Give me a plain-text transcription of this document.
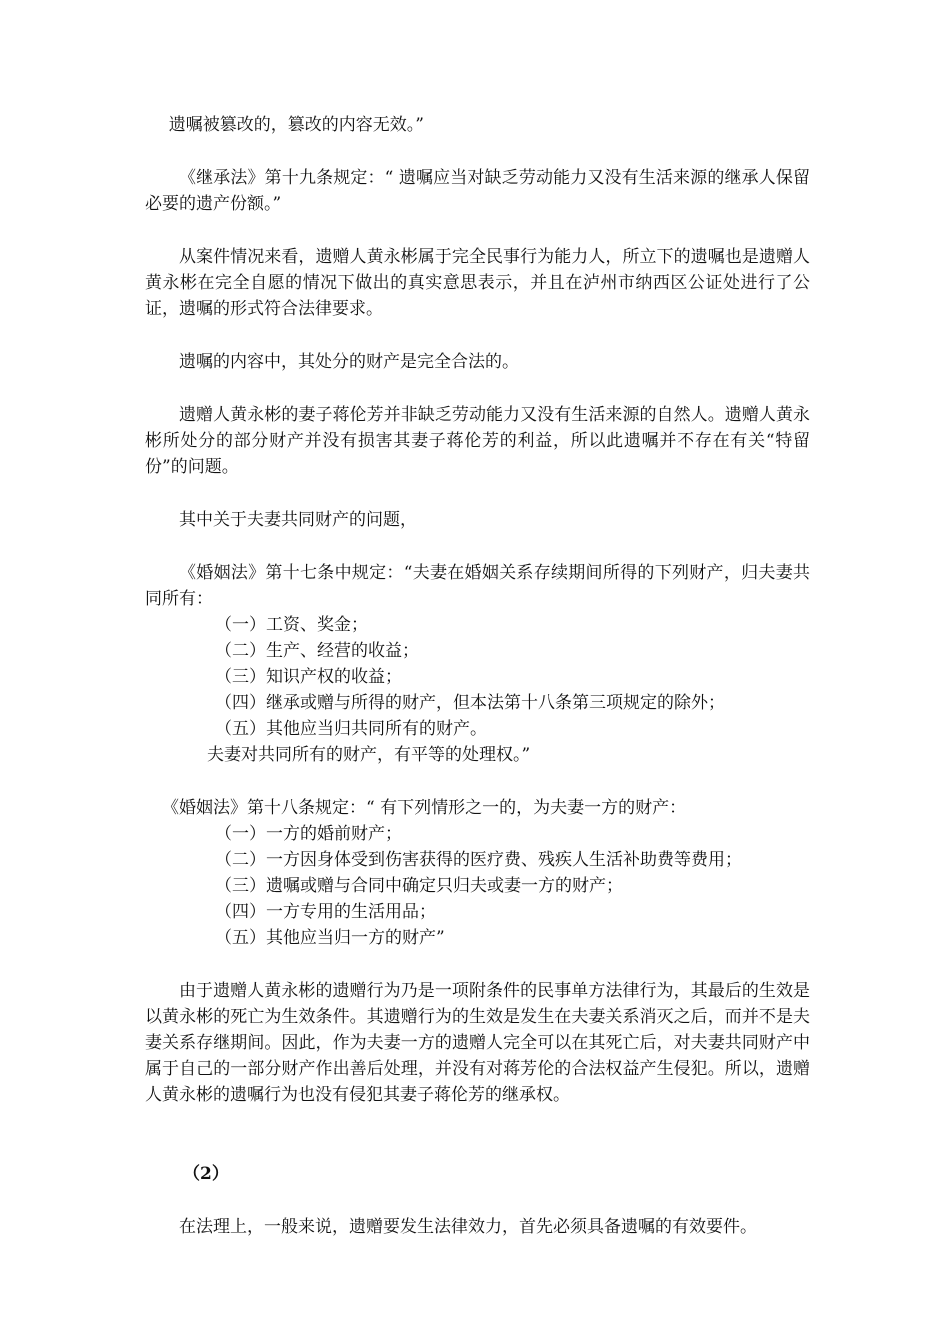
遗嘱被篡改的，篡改的内容无效。”

《继承法》第十九条规定：“ 遗嘱应当对缺乏劳动能力又没有生活来源的继承人保留必要的遗产份额。”

从案件情况来看，遗赠人黄永彬属于完全民事行为能力人，所立下的遗嘱也是遗赠人黄永彬在完全自愿的情况下做出的真实意思表示，并且在泸州市纳西区公证处进行了公证，遗嘱的形式符合法律要求。

遗嘱的内容中，其处分的财产是完全合法的。

遗赠人黄永彬的妻子蒋伦芳并非缺乏劳动能力又没有生活来源的自然人。遗赠人黄永彬所处分的部分财产并没有损害其妻子蒋伦芳的利益，所以此遗嘱并不存在有关“特留份”的问题。

其中关于夫妻共同财产的问题，

《婚姻法》第十七条中规定：“夫妻在婚姻关系存续期间所得的下列财产，归夫妻共同所有：

（一）工资、奖金；

（二）生产、经营的收益；

（三）知识产权的收益；

（四）继承或赠与所得的财产，但本法第十八条第三项规定的除外；

（五）其他应当归共同所有的财产。

夫妻对共同所有的财产，有平等的处理权。”

《婚姻法》第十八条规定：“ 有下列情形之一的，为夫妻一方的财产：

（一）一方的婚前财产；

（二）一方因身体受到伤害获得的医疗费、残疾人生活补助费等费用；

（三）遗嘱或赠与合同中确定只归夫或妻一方的财产；

（四）一方专用的生活用品；

（五）其他应当归一方的财产”

由于遗赠人黄永彬的遗赠行为乃是一项附条件的民事单方法律行为，其最后的生效是以黄永彬的死亡为生效条件。其遗赠行为的生效是发生在夫妻关系消灭之后，而并不是夫妻关系存继期间。因此，作为夫妻一方的遗赠人完全可以在其死亡后，对夫妻共同财产中属于自己的一部分财产作出善后处理，并没有对蒋芳伦的合法权益产生侵犯。所以，遗赠人黄永彬的遗嘱行为也没有侵犯其妻子蒋伦芳的继承权。

（2）

在法理上，一般来说，遗赠要发生法律效力，首先必须具备遗嘱的有效要件。
